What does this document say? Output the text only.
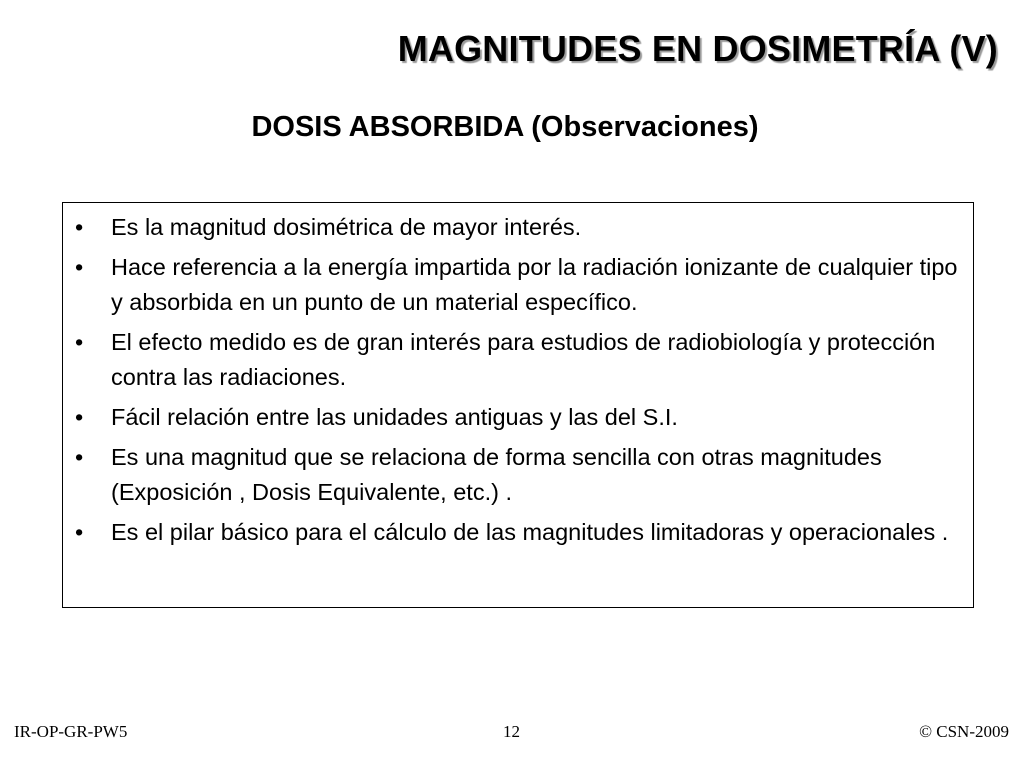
MAGNITUDES EN DOSIMETRÍA (V)
DOSIS ABSORBIDA (Observaciones)
• Es la magnitud dosimétrica de mayor interés.
• Hace referencia a la energía impartida por la radiación ionizante de cualquier tipo y absorbida en un punto de un material específico.
• El efecto medido es de gran interés para estudios de radiobiología y protección contra las radiaciones.
• Fácil relación entre las unidades antiguas y las del S.I.
• Es una magnitud que se relaciona de forma sencilla con otras magnitudes (Exposición , Dosis Equivalente, etc.) .
• Es el pilar básico para el cálculo de las magnitudes limitadoras y operacionales .
IR-OP-GR-PW5	12	© CSN-2009
